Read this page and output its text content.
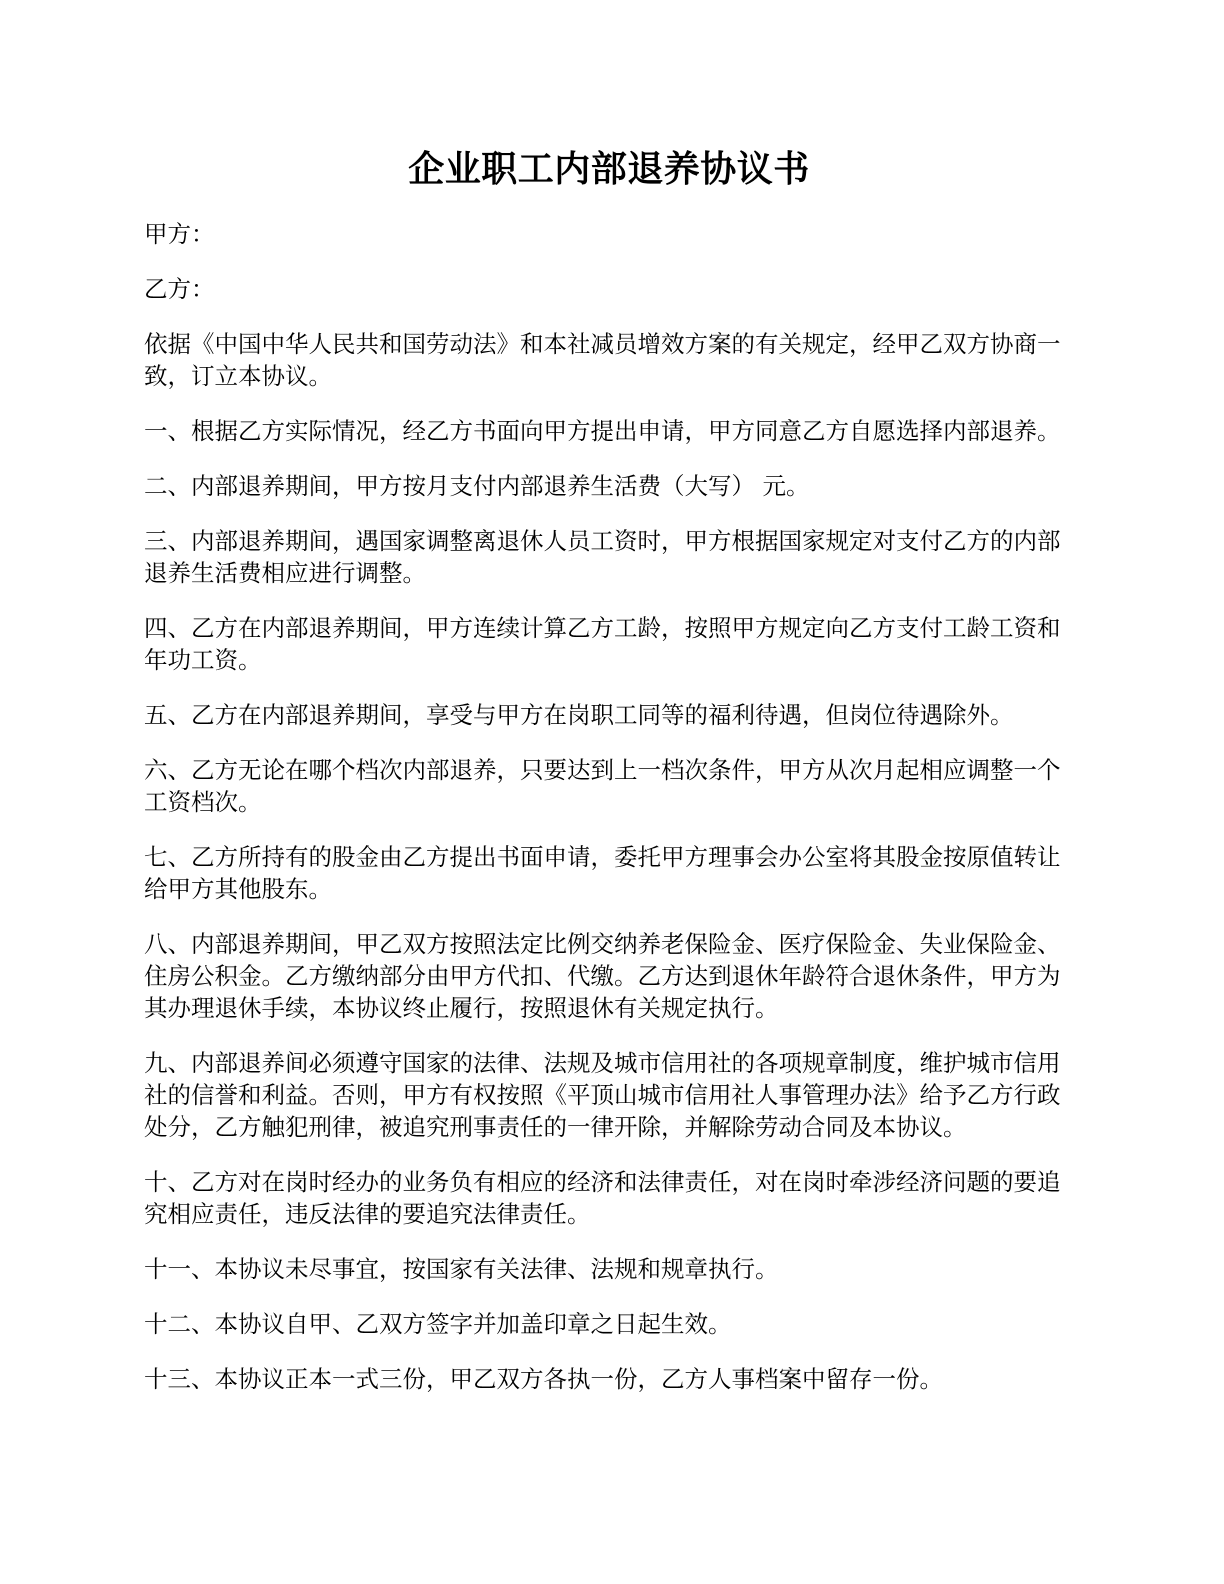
企业职工内部退养协议书

甲方：

乙方：

依据《中国中华人民共和国劳动法》和本社减员增效方案的有关规定，经甲乙双方协商一致，订立本协议。

一、根据乙方实际情况，经乙方书面向甲方提出申请，甲方同意乙方自愿选择内部退养。

二、内部退养期间，甲方按月支付内部退养生活费（大写） 元。

三、内部退养期间，遇国家调整离退休人员工资时，甲方根据国家规定对支付乙方的内部退养生活费相应进行调整。

四、乙方在内部退养期间，甲方连续计算乙方工龄，按照甲方规定向乙方支付工龄工资和年功工资。

五、乙方在内部退养期间，享受与甲方在岗职工同等的福利待遇，但岗位待遇除外。

六、乙方无论在哪个档次内部退养，只要达到上一档次条件，甲方从次月起相应调整一个工资档次。

七、乙方所持有的股金由乙方提出书面申请，委托甲方理事会办公室将其股金按原值转让给甲方其他股东。

八、内部退养期间，甲乙双方按照法定比例交纳养老保险金、医疗保险金、失业保险金、住房公积金。乙方缴纳部分由甲方代扣、代缴。乙方达到退休年龄符合退休条件，甲方为其办理退休手续，本协议终止履行，按照退休有关规定执行。

九、内部退养间必须遵守国家的法律、法规及城市信用社的各项规章制度，维护城市信用社的信誉和利益。否则，甲方有权按照《平顶山城市信用社人事管理办法》给予乙方行政处分，乙方触犯刑律，被追究刑事责任的一律开除，并解除劳动合同及本协议。

十、乙方对在岗时经办的业务负有相应的经济和法律责任，对在岗时牵涉经济问题的要追究相应责任，违反法律的要追究法律责任。

十一、本协议未尽事宜，按国家有关法律、法规和规章执行。

十二、本协议自甲、乙双方签字并加盖印章之日起生效。

十三、本协议正本一式三份，甲乙双方各执一份，乙方人事档案中留存一份。
